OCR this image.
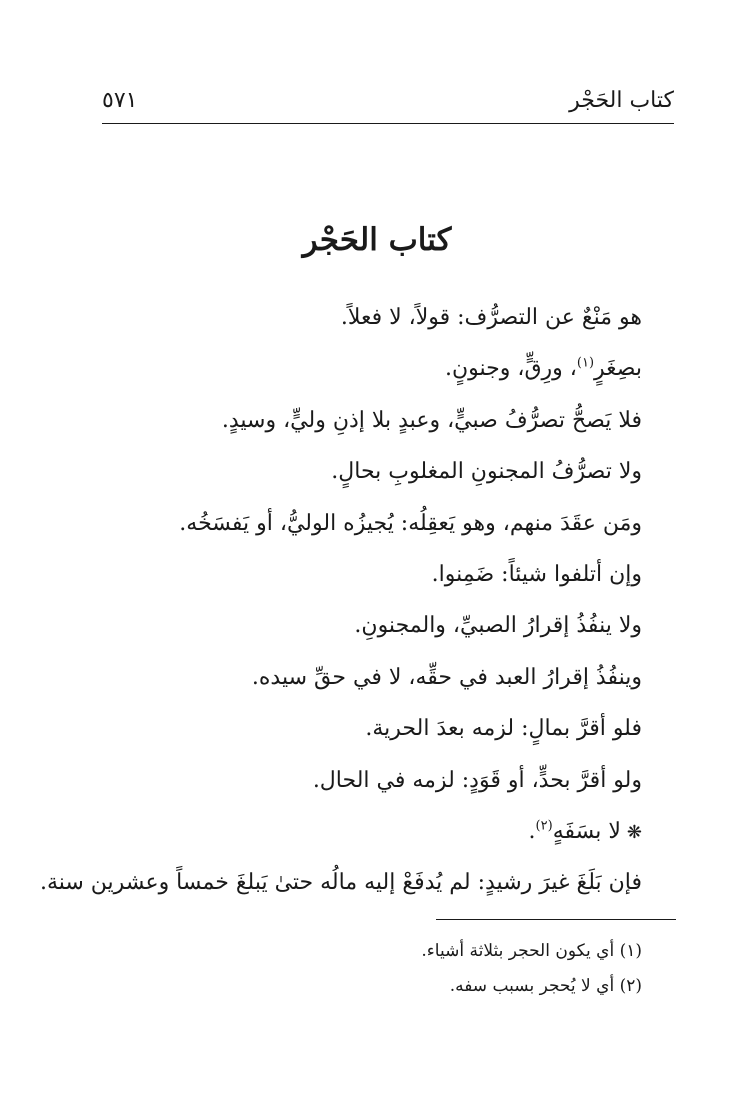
كتاب الحَجْر
٥٧١
كتاب الحَجْر
هو مَنْعٌ عن التصرُّف: قولاً، لا فعلاً.
بصِغَرٍ$^{(١)}$، ورِقٍّ، وجنونٍ.
فلا يَصحُّ تصرُّفُ صبيٍّ، وعبدٍ بلا إذنِ وليٍّ، وسيدٍ.
ولا تصرُّفُ المجنونِ المغلوبِ بحالٍ.
ومَن عقَدَ منهم، وهو يَعقِلُه: يُجيزُه الوليُّ، أو يَفسَخُه.
وإن أتلفوا شيئاً: ضَمِنوا.
ولا ينفُذُ إقرارُ الصبيِّ، والمجنونِ.
وينفُذُ إقرارُ العبد في حقِّه، لا في حقِّ سيده.
فلو أقرَّ بمالٍ: لزمه بعدَ الحرية.
ولو أقرَّ بحدٍّ، أو قَوَدٍ: لزمه في الحال.
❋لا بسَفَهٍ$^{(٢)}$.
فإن بَلَغَ غيرَ رشيدٍ: لم يُدفَعْ إليه مالُه حتىٰ يَبلغَ خمساً وعشرين سنة.
(١) أي يكون الحجر بثلاثة أشياء.
(٢) أي لا يُحجر بسبب سفه.
